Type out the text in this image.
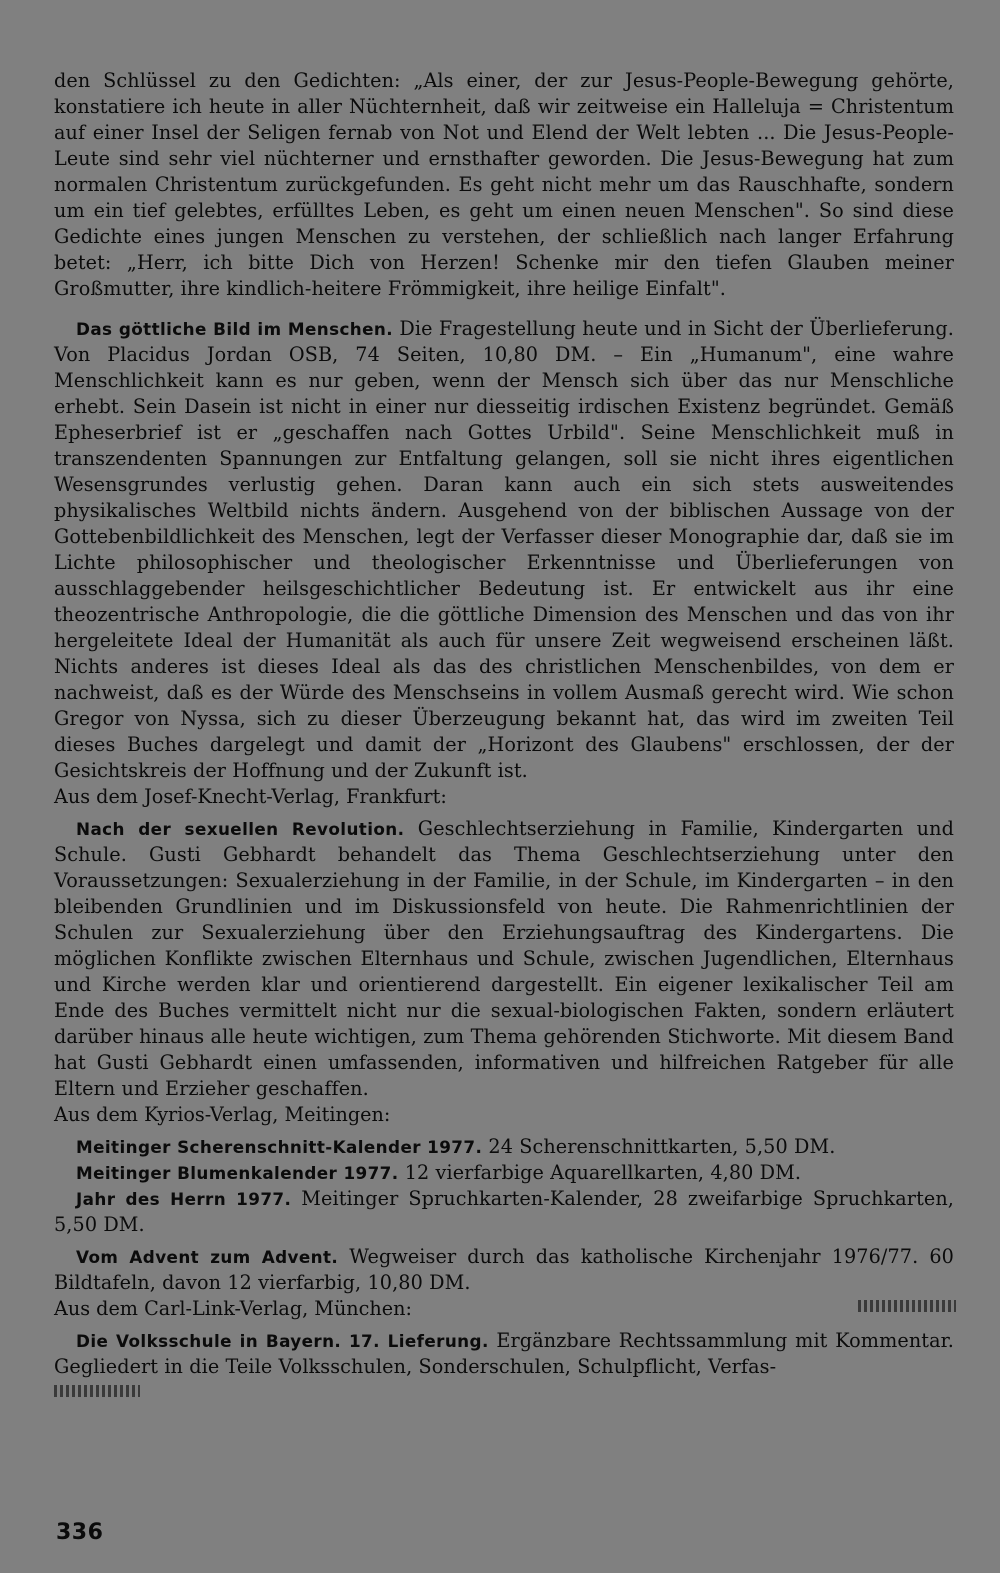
den Schlüssel zu den Gedichten: „Als einer, der zur Jesus-People-Bewegung gehörte, konstatiere ich heute in aller Nüchternheit, daß wir zeitweise ein Halleluja = Christentum auf einer Insel der Seligen fernab von Not und Elend der Welt lebten ... Die Jesus-People-Leute sind sehr viel nüchterner und ernsthafter geworden. Die Jesus-Bewegung hat zum normalen Christentum zurückgefunden. Es geht nicht mehr um das Rauschhafte, sondern um ein tief gelebtes, erfülltes Leben, es geht um einen neuen Menschen". So sind diese Gedichte eines jungen Menschen zu verstehen, der schließlich nach langer Erfahrung betet: „Herr, ich bitte Dich von Herzen! Schenke mir den tiefen Glauben meiner Großmutter, ihre kindlich-heitere Frömmigkeit, ihre heilige Einfalt".

Das göttliche Bild im Menschen. Die Fragestellung heute und in Sicht der Überlieferung. Von Placidus Jordan OSB, 74 Seiten, 10,80 DM. – Ein „Humanum", eine wahre Menschlichkeit kann es nur geben, wenn der Mensch sich über das nur Menschliche erhebt. Sein Dasein ist nicht in einer nur diesseitig irdischen Existenz begründet. Gemäß Epheserbrief ist er „geschaffen nach Gottes Urbild". Seine Menschlichkeit muß in transzendenten Spannungen zur Entfaltung gelangen, soll sie nicht ihres eigentlichen Wesensgrundes verlustig gehen. Daran kann auch ein sich stets ausweitendes physikalisches Weltbild nichts ändern. Ausgehend von der biblischen Aussage von der Gottebenbildlichkeit des Menschen, legt der Verfasser dieser Monographie dar, daß sie im Lichte philosophischer und theologischer Erkenntnisse und Überlieferungen von ausschlaggebender heilsgeschichtlicher Bedeutung ist. Er entwickelt aus ihr eine theozentrische Anthropologie, die die göttliche Dimension des Menschen und das von ihr hergeleitete Ideal der Humanität als auch für unsere Zeit wegweisend erscheinen läßt. Nichts anderes ist dieses Ideal als das des christlichen Menschenbildes, von dem er nachweist, daß es der Würde des Menschseins in vollem Ausmaß gerecht wird. Wie schon Gregor von Nyssa, sich zu dieser Überzeugung bekannt hat, das wird im zweiten Teil dieses Buches dargelegt und damit der „Horizont des Glaubens" erschlossen, der der Gesichtskreis der Hoffnung und der Zukunft ist.

Aus dem Josef-Knecht-Verlag, Frankfurt:

Nach der sexuellen Revolution. Geschlechtserziehung in Familie, Kindergarten und Schule. Gusti Gebhardt behandelt das Thema Geschlechtserziehung unter den Voraussetzungen: Sexualerziehung in der Familie, in der Schule, im Kindergarten – in den bleibenden Grundlinien und im Diskussionsfeld von heute. Die Rahmenrichtlinien der Schulen zur Sexualerziehung über den Erziehungsauftrag des Kindergartens. Die möglichen Konflikte zwischen Elternhaus und Schule, zwischen Jugendlichen, Elternhaus und Kirche werden klar und orientierend dargestellt. Ein eigener lexikalischer Teil am Ende des Buches vermittelt nicht nur die sexual-biologischen Fakten, sondern erläutert darüber hinaus alle heute wichtigen, zum Thema gehörenden Stichworte. Mit diesem Band hat Gusti Gebhardt einen umfassenden, informativen und hilfreichen Ratgeber für alle Eltern und Erzieher geschaffen.

Aus dem Kyrios-Verlag, Meitingen:

Meitinger Scherenschnitt-Kalender 1977. 24 Scherenschnittkarten, 5,50 DM.

Meitinger Blumenkalender 1977. 12 vierfarbige Aquarellkarten, 4,80 DM.

Jahr des Herrn 1977. Meitinger Spruchkarten-Kalender, 28 zweifarbige Spruchkarten, 5,50 DM.

Vom Advent zum Advent. Wegweiser durch das katholische Kirchenjahr 1976/77. 60 Bildtafeln, davon 12 vierfarbig, 10,80 DM.

Aus dem Carl-Link-Verlag, München:

Die Volksschule in Bayern. 17. Lieferung. Ergänzbare Rechtssammlung mit Kommentar. Gegliedert in die Teile Volksschulen, Sonderschulen, Schulpflicht, Verfas-

336
